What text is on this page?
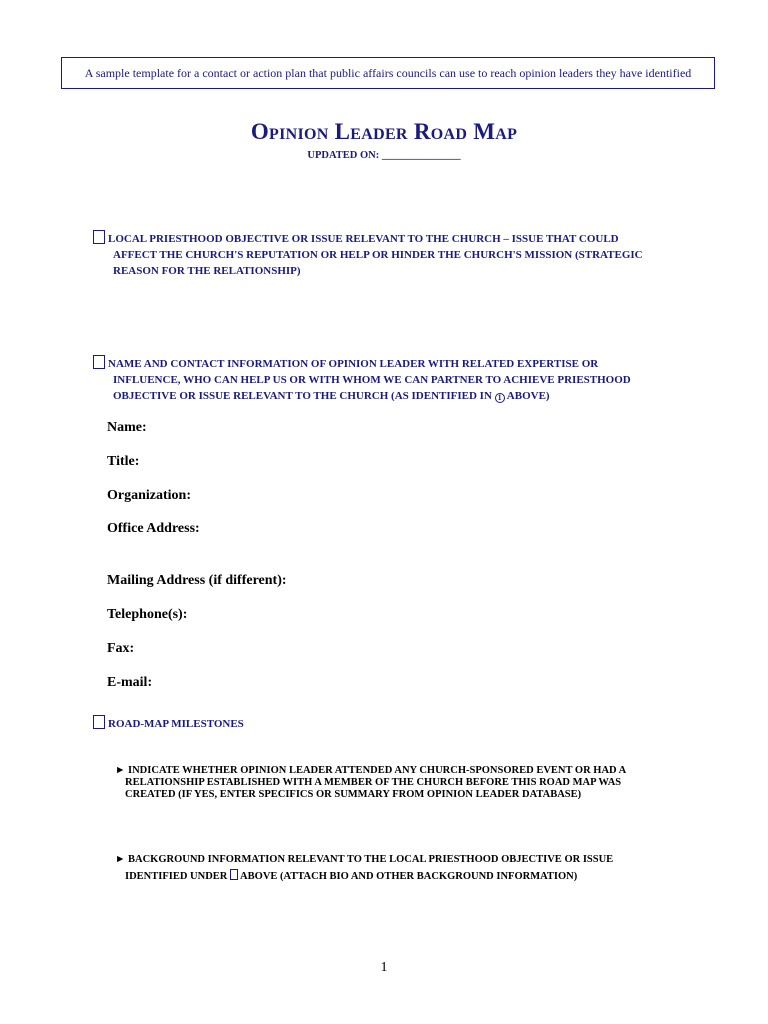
A sample template for a contact or action plan that public affairs councils can use to reach opinion leaders they have identified
Opinion Leader Road Map
UPDATED ON: _______________
LOCAL PRIESTHOOD OBJECTIVE OR ISSUE RELEVANT TO THE CHURCH – ISSUE THAT COULD
AFFECT THE CHURCH'S REPUTATION OR HELP OR HINDER THE CHURCH'S MISSION (STRATEGIC
REASON FOR THE RELATIONSHIP)
NAME AND CONTACT INFORMATION OF OPINION LEADER WITH RELATED EXPERTISE OR
INFLUENCE, WHO CAN HELP US OR WITH WHOM WE CAN PARTNER TO ACHIEVE PRIESTHOOD
OBJECTIVE OR ISSUE RELEVANT TO THE CHURCH (AS IDENTIFIED IN 1 ABOVE)
Name:
Title:
Organization:
Office Address:
Mailing Address (if different):
Telephone(s):
Fax:
E-mail:
ROAD-MAP MILESTONES
► INDICATE WHETHER OPINION LEADER ATTENDED ANY CHURCH-SPONSORED EVENT OR HAD A
RELATIONSHIP ESTABLISHED WITH A MEMBER OF THE CHURCH BEFORE THIS ROAD MAP WAS
CREATED (IF YES, ENTER SPECIFICS OR SUMMARY FROM OPINION LEADER DATABASE)
► BACKGROUND INFORMATION RELEVANT TO THE LOCAL PRIESTHOOD OBJECTIVE OR ISSUE
IDENTIFIED UNDER  ABOVE (ATTACH BIO AND OTHER BACKGROUND INFORMATION)
1
